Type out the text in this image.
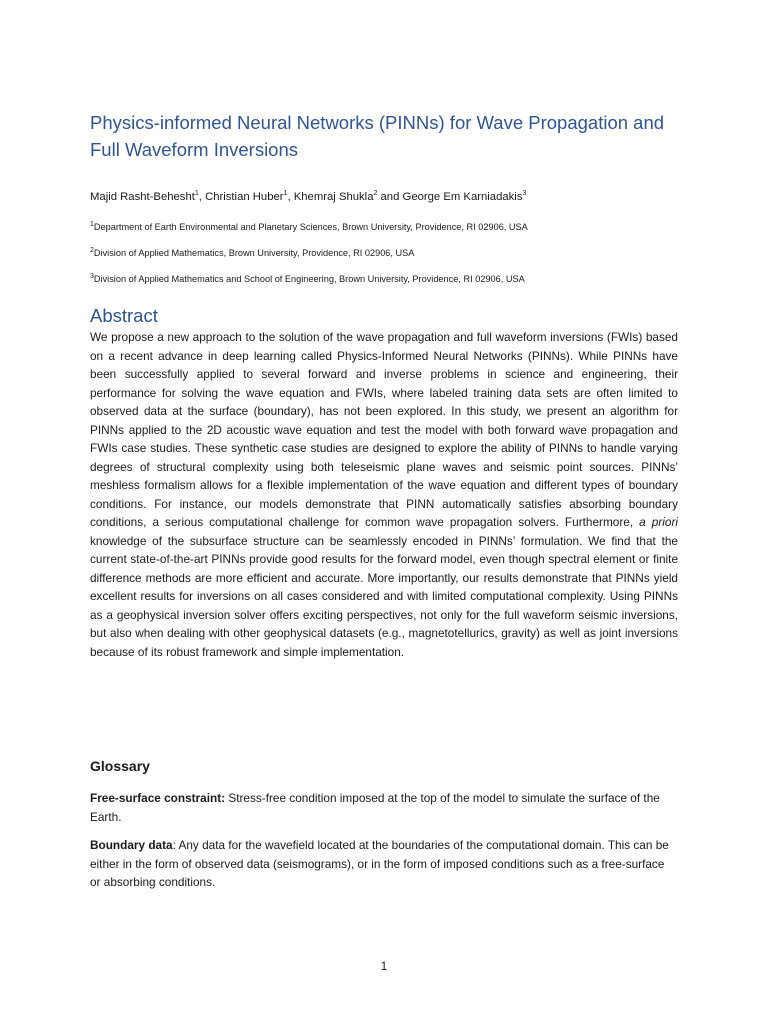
Physics-informed Neural Networks (PINNs) for Wave Propagation and Full Waveform Inversions
Majid Rasht-Behesht$^1$, Christian Huber$^1$, Khemraj Shukla$^2$ and George Em Karniadakis$^3$
$^1$Department of Earth Environmental and Planetary Sciences, Brown University, Providence, RI 02906, USA
$^2$Division of Applied Mathematics, Brown University, Providence, RI 02906, USA
$^3$Division of Applied Mathematics and School of Engineering, Brown University, Providence, RI 02906, USA
Abstract

We propose a new approach to the solution of the wave propagation and full waveform inversions (FWIs) based on a recent advance in deep learning called Physics-Informed Neural Networks (PINNs). While PINNs have been successfully applied to several forward and inverse problems in science and engineering, their performance for solving the wave equation and FWIs, where labeled training data sets are often limited to observed data at the surface (boundary), has not been explored. In this study, we present an algorithm for PINNs applied to the 2D acoustic wave equation and test the model with both forward wave propagation and FWIs case studies. These synthetic case studies are designed to explore the ability of PINNs to handle varying degrees of structural complexity using both teleseismic plane waves and seismic point sources. PINNs’ meshless formalism allows for a flexible implementation of the wave equation and different types of boundary conditions. For instance, our models demonstrate that PINN automatically satisfies absorbing boundary conditions, a serious computational challenge for common wave propagation solvers. Furthermore, a priori knowledge of the subsurface structure can be seamlessly encoded in PINNs’ formulation. We find that the current state-of-the-art PINNs provide good results for the forward model, even though spectral element or finite difference methods are more efficient and accurate. More importantly, our results demonstrate that PINNs yield excellent results for inversions on all cases considered and with limited computational complexity. Using PINNs as a geophysical inversion solver offers exciting perspectives, not only for the full waveform seismic inversions, but also when dealing with other geophysical datasets (e.g., magnetotellurics, gravity) as well as joint inversions because of its robust framework and simple implementation.

Glossary

Free-surface constraint: Stress-free condition imposed at the top of the model to simulate the surface of the Earth.

Boundary data: Any data for the wavefield located at the boundaries of the computational domain. This can be either in the form of observed data (seismograms), or in the form of imposed conditions such as a free-surface or absorbing conditions.

1
